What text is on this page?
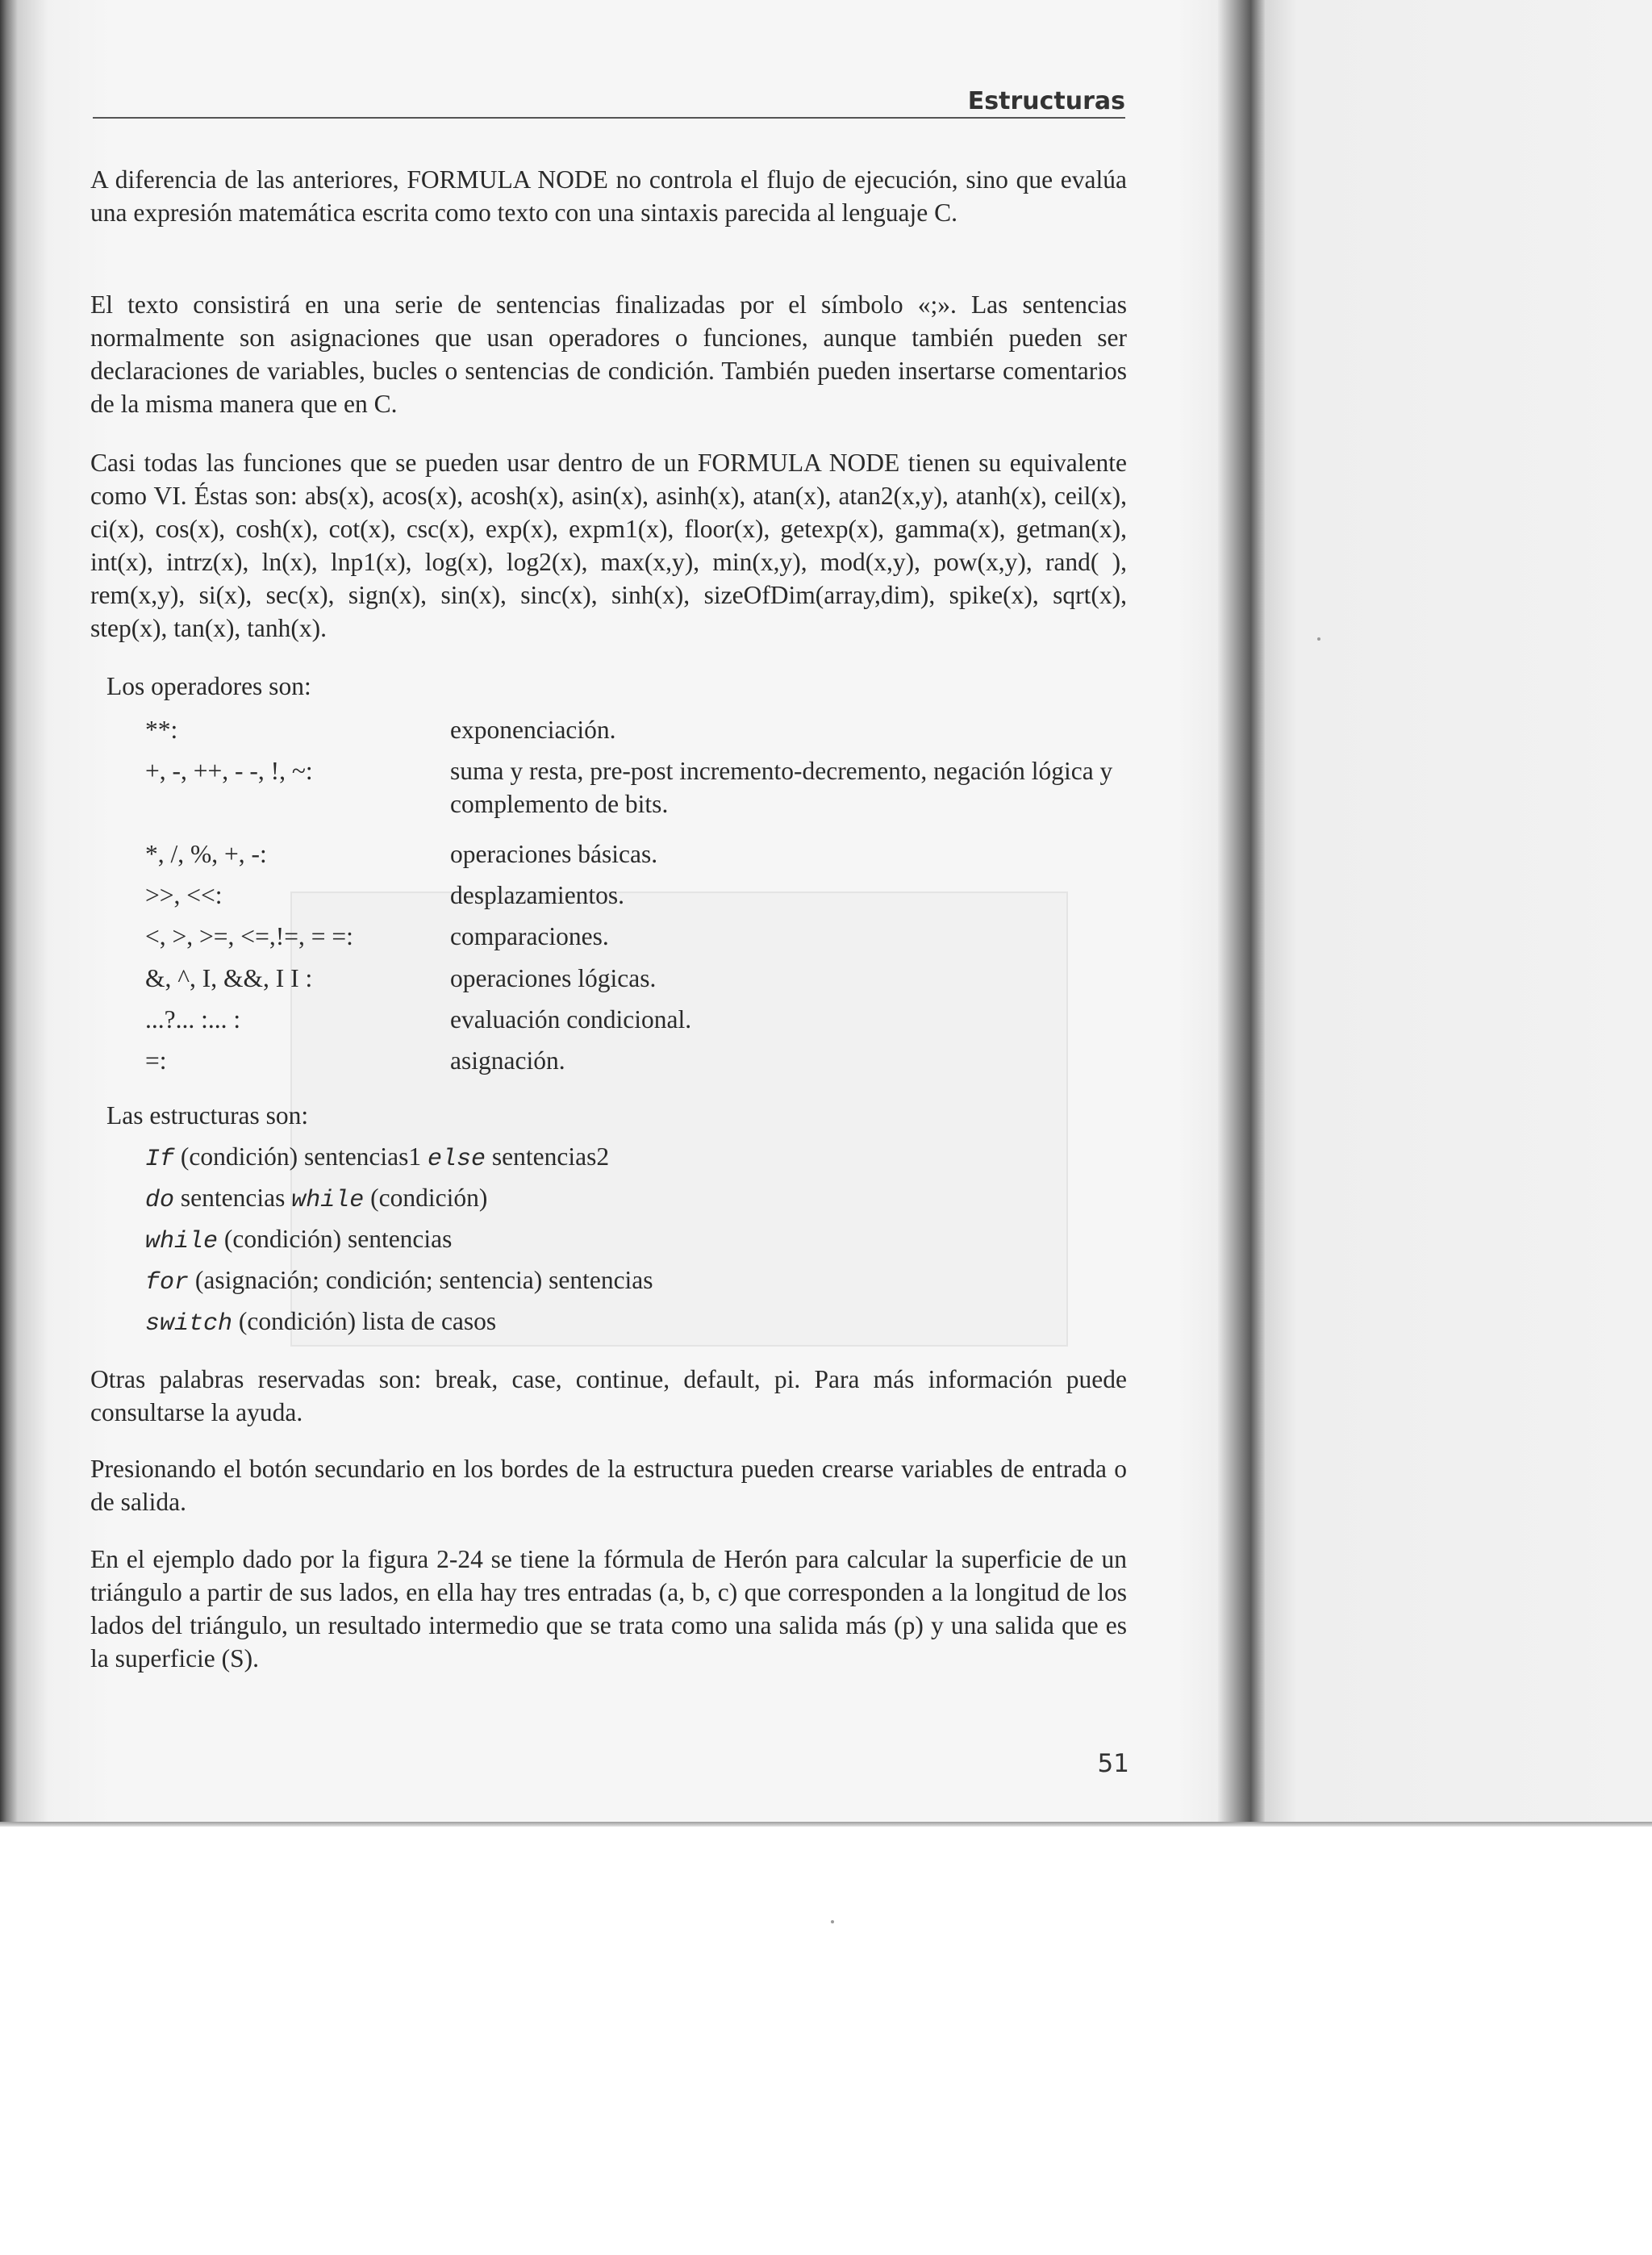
Estructuras
A diferencia de las anteriores, FORMULA NODE no controla el flujo de ejecución, sino que evalúa una expresión matemática escrita como texto con una sintaxis parecida al lenguaje C.
El texto consistirá en una serie de sentencias finalizadas por el símbolo «;». Las sentencias normalmente son asignaciones que usan operadores o funciones, aunque también pueden ser declaraciones de variables, bucles o sentencias de condición. También pueden insertarse comentarios de la misma manera que en C.
Casi todas las funciones que se pueden usar dentro de un FORMULA NODE tienen su equivalente como VI. Éstas son: abs(x), acos(x), acosh(x), asin(x), asinh(x), atan(x), atan2(x,y), atanh(x), ceil(x), ci(x), cos(x), cosh(x), cot(x), csc(x), exp(x), expm1(x), floor(x), getexp(x), gamma(x), getman(x), int(x), intrz(x), ln(x), lnp1(x), log(x), log2(x), max(x,y), min(x,y), mod(x,y), pow(x,y), rand( ), rem(x,y), si(x), sec(x), sign(x), sin(x), sinc(x), sinh(x), sizeOfDim(array,dim), spike(x), sqrt(x), step(x), tan(x), tanh(x).
Los operadores son:
**:	exponenciación.
+, -, ++, - -, !, ~:	suma y resta, pre-post incremento-decremento, negación lógica y complemento de bits.
*, /, %, +, -:	operaciones básicas.
>>, <<:	desplazamientos.
<, >, >=, <=,!=, = =:	comparaciones.
&, ^, I, &&, I I :	operaciones lógicas.
...?... :... :	evaluación condicional.
=:	asignación.
Las estructuras son:
If (condición) sentencias1 else sentencias2
do sentencias while (condición)
while (condición) sentencias
for (asignación; condición; sentencia) sentencias
switch (condición) lista de casos
Otras palabras reservadas son: break, case, continue, default, pi. Para más información puede consultarse la ayuda.
Presionando el botón secundario en los bordes de la estructura pueden crearse variables de entrada o de salida.
En el ejemplo dado por la figura 2-24 se tiene la fórmula de Herón para calcular la superficie de un triángulo a partir de sus lados, en ella hay tres entradas (a, b, c) que corresponden a la longitud de los lados del triángulo, un resultado intermedio que se trata como una salida más (p) y una salida que es la superficie (S).
51
